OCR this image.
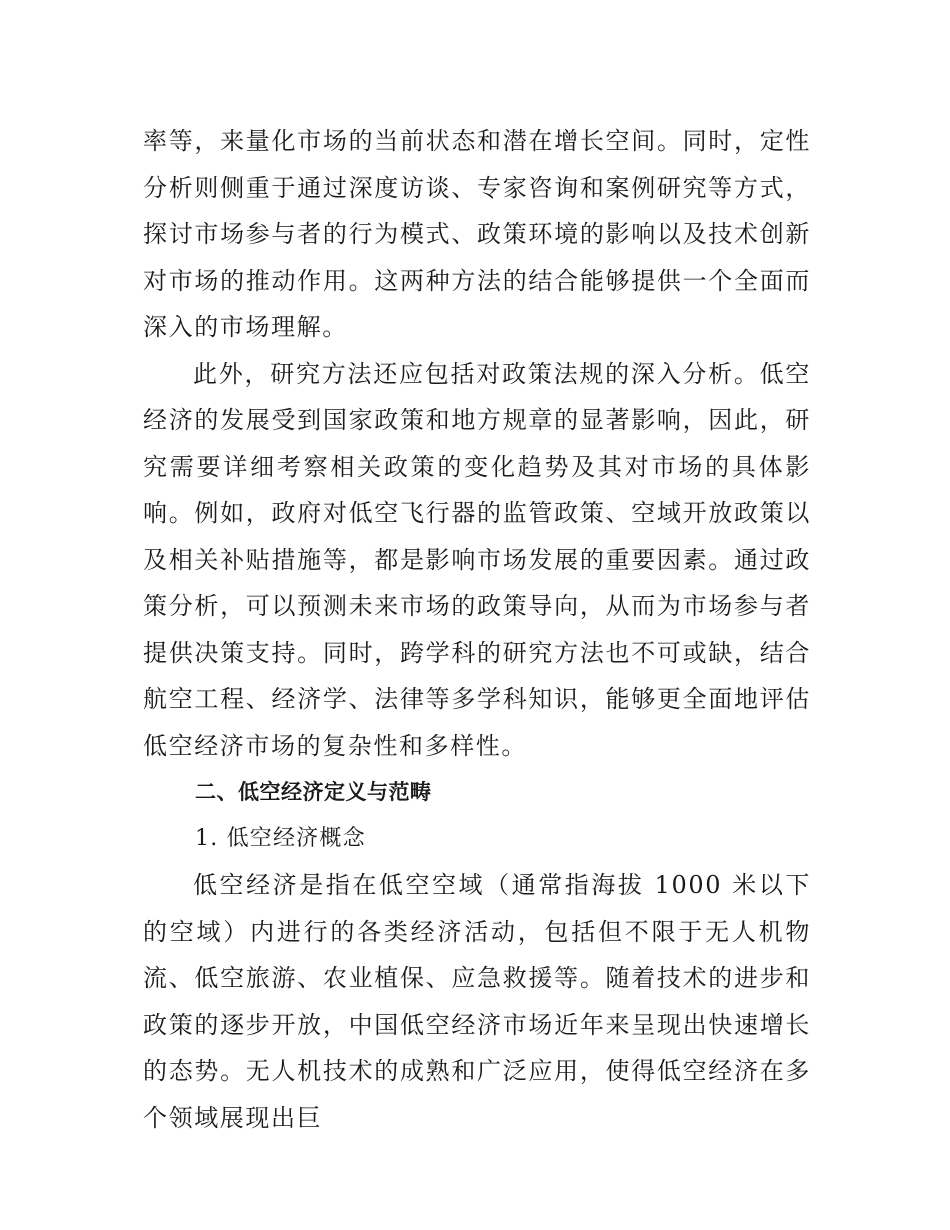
率等，来量化市场的当前状态和潜在增长空间。同时，定性分析则侧重于通过深度访谈、专家咨询和案例研究等方式，探讨市场参与者的行为模式、政策环境的影响以及技术创新对市场的推动作用。这两种方法的结合能够提供一个全面而深入的市场理解。

此外，研究方法还应包括对政策法规的深入分析。低空经济的发展受到国家政策和地方规章的显著影响，因此，研究需要详细考察相关政策的变化趋势及其对市场的具体影响。例如，政府对低空飞行器的监管政策、空域开放政策以及相关补贴措施等，都是影响市场发展的重要因素。通过政策分析，可以预测未来市场的政策导向，从而为市场参与者提供决策支持。同时，跨学科的研究方法也不可或缺，结合航空工程、经济学、法律等多学科知识，能够更全面地评估低空经济市场的复杂性和多样性。

二、低空经济定义与范畴

1. 低空经济概念

低空经济是指在低空空域（通常指海拔 1000 米以下的空域）内进行的各类经济活动，包括但不限于无人机物流、低空旅游、农业植保、应急救援等。随着技术的进步和政策的逐步开放，中国低空经济市场近年来呈现出快速增长的态势。无人机技术的成熟和广泛应用，使得低空经济在多个领域展现出巨
